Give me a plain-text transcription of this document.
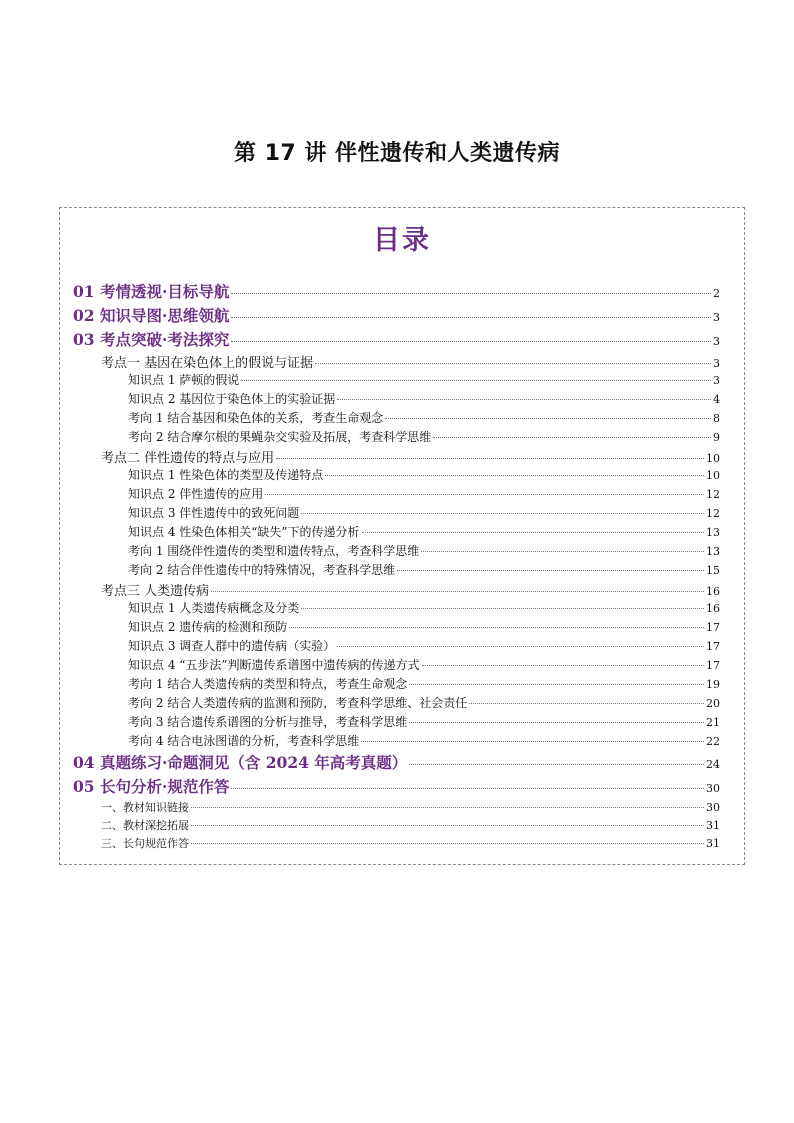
第 17 讲 伴性遗传和人类遗传病
目录
01 考情透视·目标导航	2
02 知识导图·思维领航	3
03 考点突破·考法探究	3
考点一 基因在染色体上的假说与证据	3
知识点 1 萨顿的假说	3
知识点 2 基因位于染色体上的实验证据	4
考向 1 结合基因和染色体的关系，考查生命观念	8
考向 2 结合摩尔根的果蝇杂交实验及拓展，考查科学思维	9
考点二 伴性遗传的特点与应用	10
知识点 1 性染色体的类型及传递特点	10
知识点 2 伴性遗传的应用	12
知识点 3 伴性遗传中的致死问题	12
知识点 4 性染色体相关“缺失”下的传递分析	13
考向 1 围绕伴性遗传的类型和遗传特点，考查科学思维	13
考向 2 结合伴性遗传中的特殊情况，考查科学思维	15
考点三 人类遗传病	16
知识点 1 人类遗传病概念及分类	16
知识点 2 遗传病的检测和预防	17
知识点 3 调查人群中的遗传病（实验）	17
知识点 4 “五步法”判断遗传系谱图中遗传病的传递方式	17
考向 1 结合人类遗传病的类型和特点，考查生命观念	19
考向 2 结合人类遗传病的监测和预防，考查科学思维、社会责任	20
考向 3 结合遗传系谱图的分析与推导，考查科学思维	21
考向 4 结合电泳图谱的分析，考查科学思维	22
04 真题练习·命题洞见（含 2024 年高考真题）	24
05 长句分析·规范作答	30
一、教材知识链接	30
二、教材深挖拓展	31
三、长句规范作答	31
